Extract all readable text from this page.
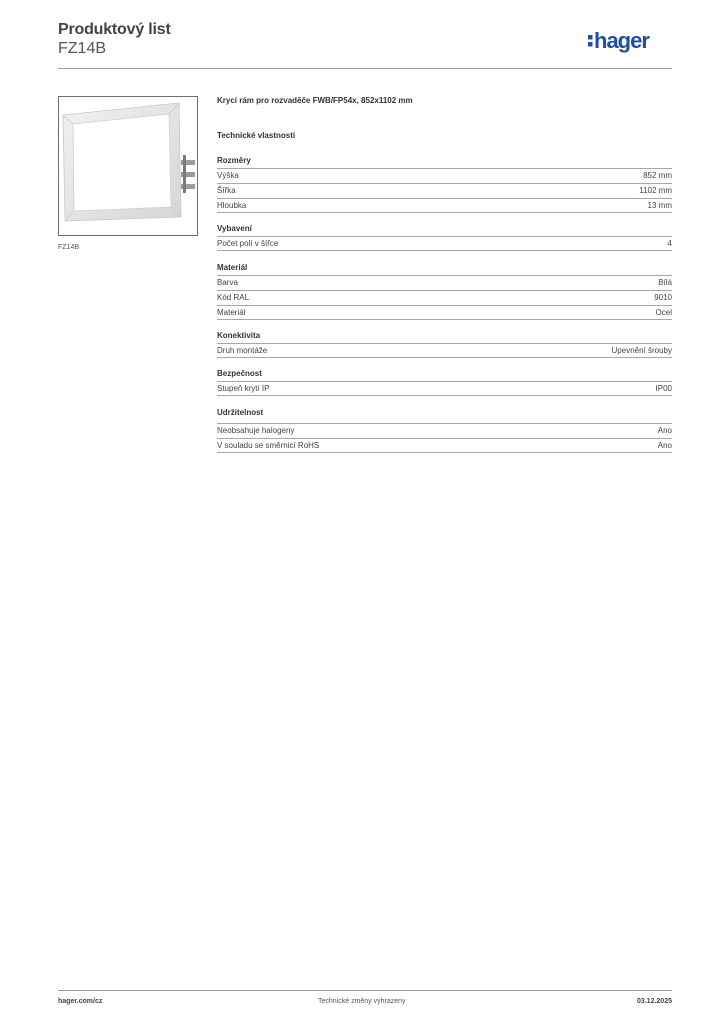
Produktový list
FZ14B	hager
FZ14B
Krycí rám pro rozvaděče FWB/FP54x, 852x1102 mm
Technické vlastnosti
Rozměry
Výška	852 mm
Šířka	1102 mm
Hloubka	13 mm
Vybavení
Počet polí v šířce	4
Materiál
Barva	Bílá
Kód RAL	9010
Materiál	Ocel
Konektivita
Druh montáže	Upevnění šrouby
Bezpečnost
Stupeň krytí IP	IP00
Udržitelnost
Neobsahuje halogeny	Ano
V souladu se směrnicí RoHS	Ano
hager.com/cz	Technické změny vyhrazeny	03.12.2025
